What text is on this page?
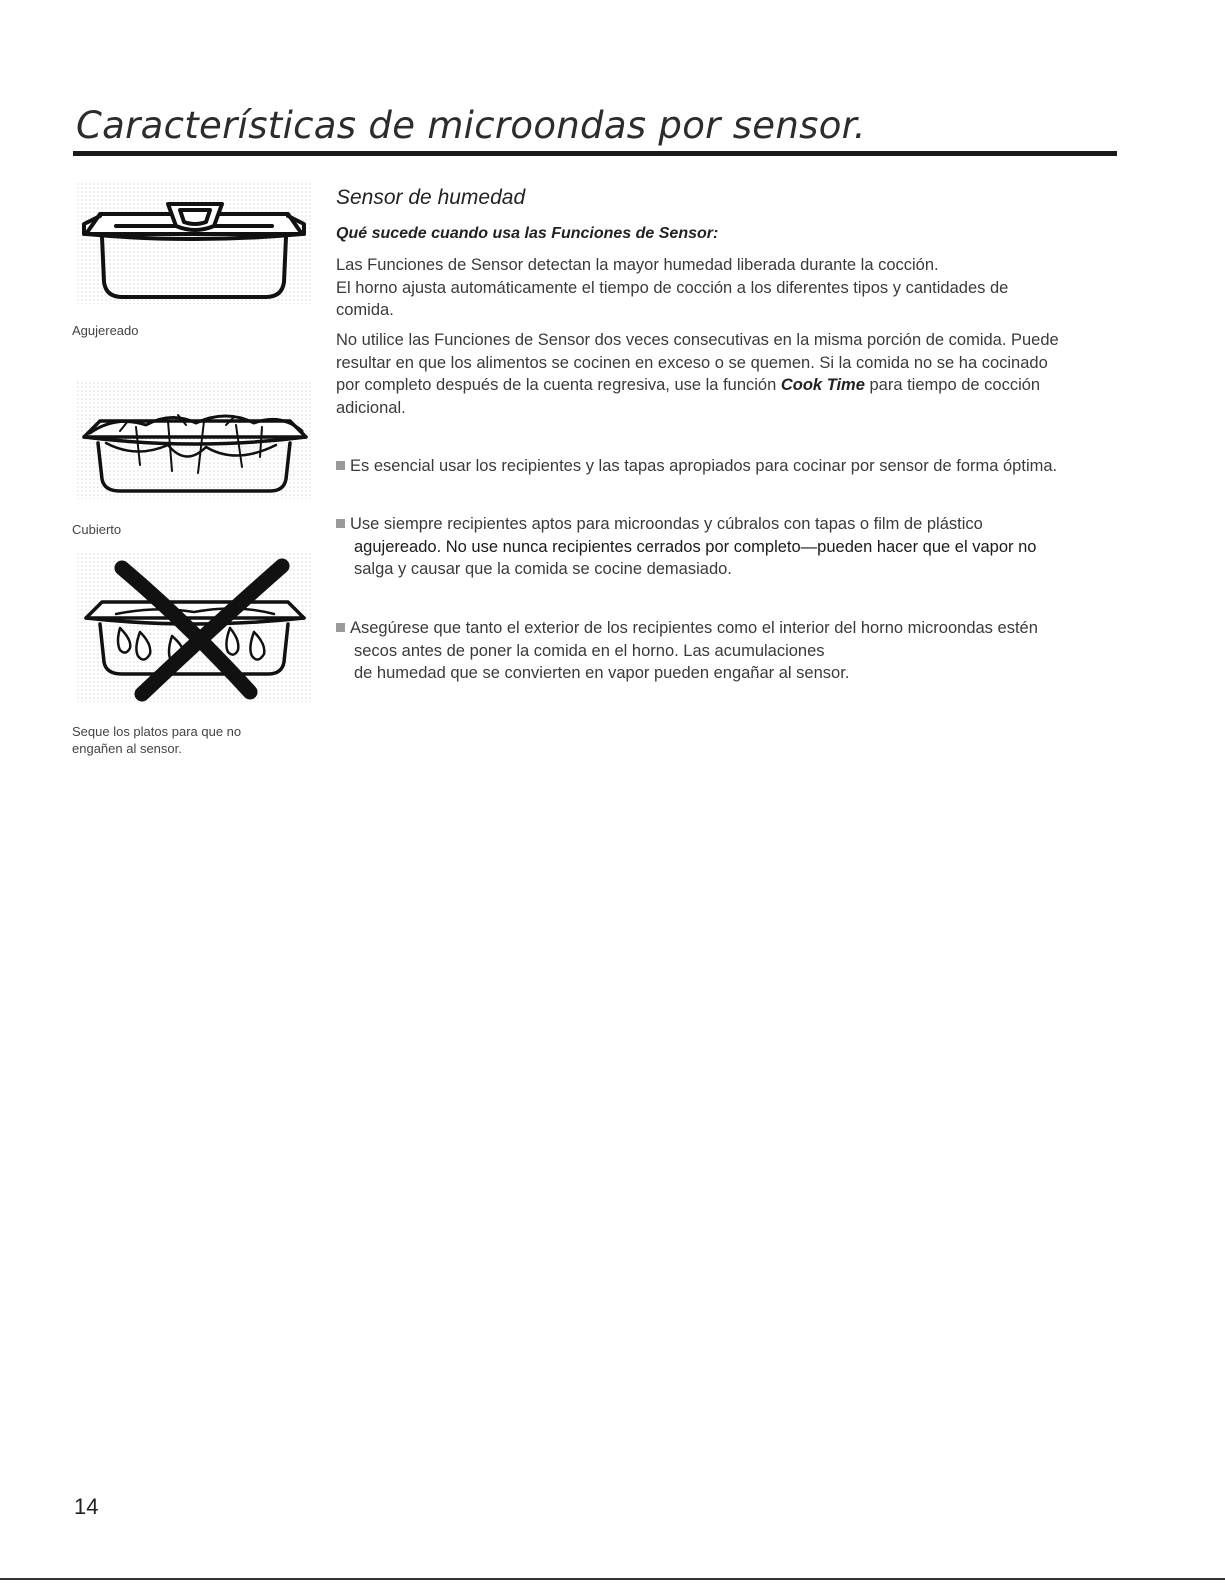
Características de microondas por sensor.
Agujereado
Cubierto
Seque los platos para que no
engañen al sensor.
Sensor de humedad
Qué sucede cuando usa las Funciones de Sensor:

Las Funciones de Sensor detectan la mayor humedad liberada durante la cocción.
El horno ajusta automáticamente el tiempo de cocción a los diferentes tipos y cantidades de
comida.

No utilice las Funciones de Sensor dos veces consecutivas en la misma porción de comida. Puede
resultar en que los alimentos se cocinen en exceso o se quemen. Si la comida no se ha cocinado
por completo después de la cuenta regresiva, use la función Cook Time para tiempo de cocción
adicional.

Es esencial usar los recipientes y las tapas apropiados para cocinar por sensor de forma óptima.
Use siempre recipientes aptos para microondas y cúbralos con tapas o film de plástico
agujereado. No use nunca recipientes cerrados por completo—pueden hacer que el vapor no
salga y causar que la comida se cocine demasiado.
Asegúrese que tanto el exterior de los recipientes como el interior del horno microondas estén
secos antes de poner la comida en el horno. Las acumulaciones
de humedad que se convierten en vapor pueden engañar al sensor.
14
